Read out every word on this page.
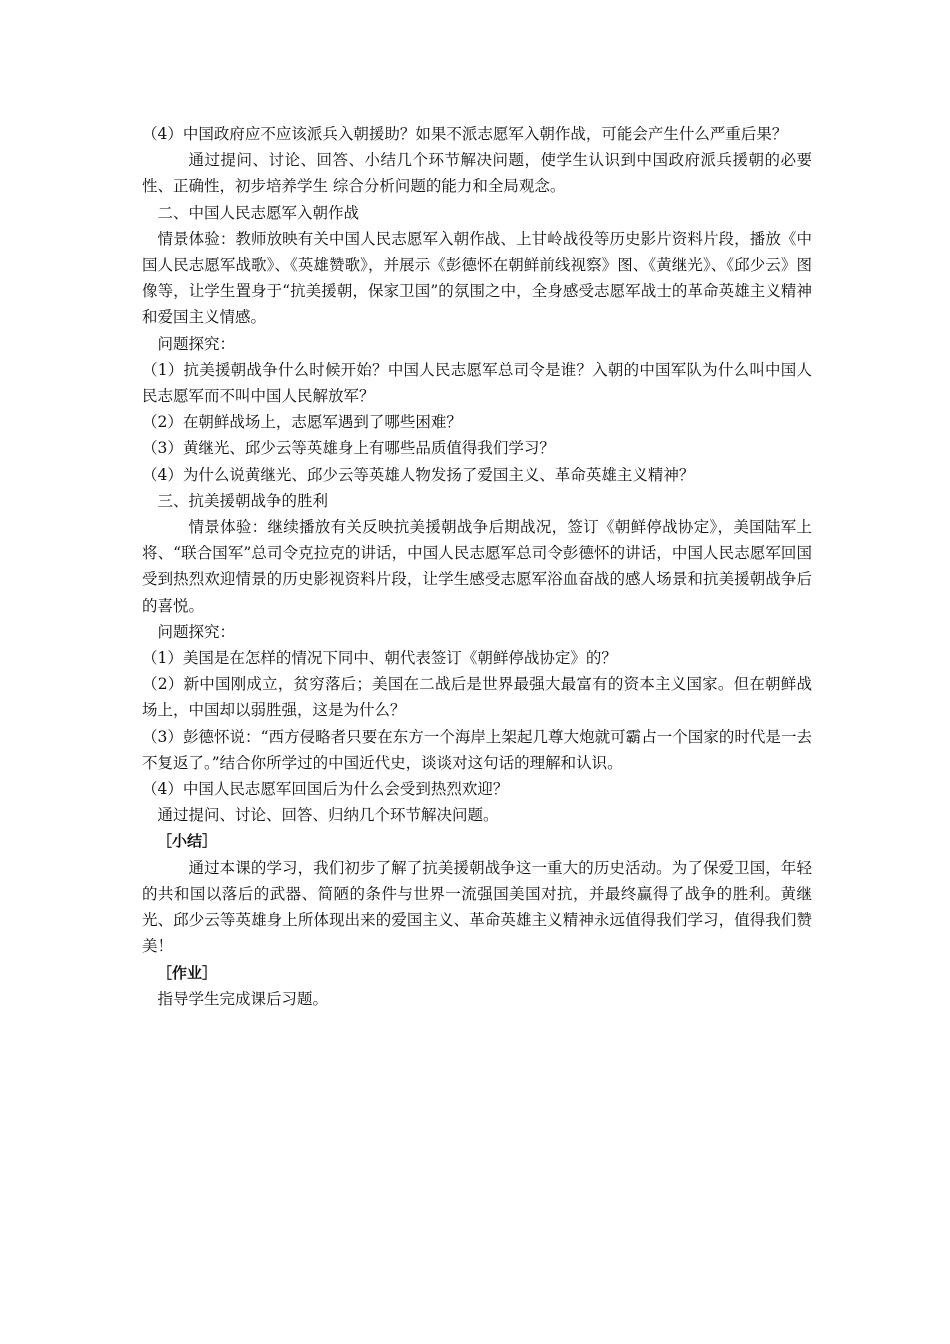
（4）中国政府应不应该派兵入朝援助？如果不派志愿军入朝作战，可能会产生什么严重后果？

通过提问、讨论、回答、小结几个环节解决问题，使学生认识到中国政府派兵援朝的必要性、正确性，初步培养学生 综合分析问题的能力和全局观念。

二、中国人民志愿军入朝作战

情景体验：教师放映有关中国人民志愿军入朝作战、上甘岭战役等历史影片资料片段，播放《中国人民志愿军战歌》、《英雄赞歌》，并展示《彭德怀在朝鲜前线视察》图、《黄继光》、《邱少云》图像等，让学生置身于“抗美援朝，保家卫国”的氛围之中，全身感受志愿军战士的革命英雄主义精神和爱国主义情感。

问题探究：

（1）抗美援朝战争什么时候开始？中国人民志愿军总司令是谁？入朝的中国军队为什么叫中国人民志愿军而不叫中国人民解放军？

（2）在朝鲜战场上，志愿军遇到了哪些困难？

（3）黄继光、邱少云等英雄身上有哪些品质值得我们学习？

（4）为什么说黄继光、邱少云等英雄人物发扬了爱国主义、革命英雄主义精神？

三、抗美援朝战争的胜利

情景体验：继续播放有关反映抗美援朝战争后期战况，签订《朝鲜停战协定》，美国陆军上将、“联合国军”总司令克拉克的讲话，中国人民志愿军总司令彭德怀的讲话，中国人民志愿军回国受到热烈欢迎情景的历史影视资料片段，让学生感受志愿军浴血奋战的感人场景和抗美援朝战争后的喜悦。

问题探究：

（1）美国是在怎样的情况下同中、朝代表签订《朝鲜停战协定》的？

（2）新中国刚成立，贫穷落后；美国在二战后是世界最强大最富有的资本主义国家。但在朝鲜战场上，中国却以弱胜强，这是为什么？

（3）彭德怀说：“西方侵略者只要在东方一个海岸上架起几尊大炮就可霸占一个国家的时代是一去不复返了。”结合你所学过的中国近代史，谈谈对这句话的理解和认识。

（4）中国人民志愿军回国后为什么会受到热烈欢迎？

通过提问、讨论、回答、归纳几个环节解决问题。

［小结］

通过本课的学习，我们初步了解了抗美援朝战争这一重大的历史活动。为了保爱卫国，年轻的共和国以落后的武器、简陋的条件与世界一流强国美国对抗，并最终赢得了战争的胜利。黄继光、邱少云等英雄身上所体现出来的爱国主义、革命英雄主义精神永远值得我们学习，值得我们赞美！

［作业］

指导学生完成课后习题。
